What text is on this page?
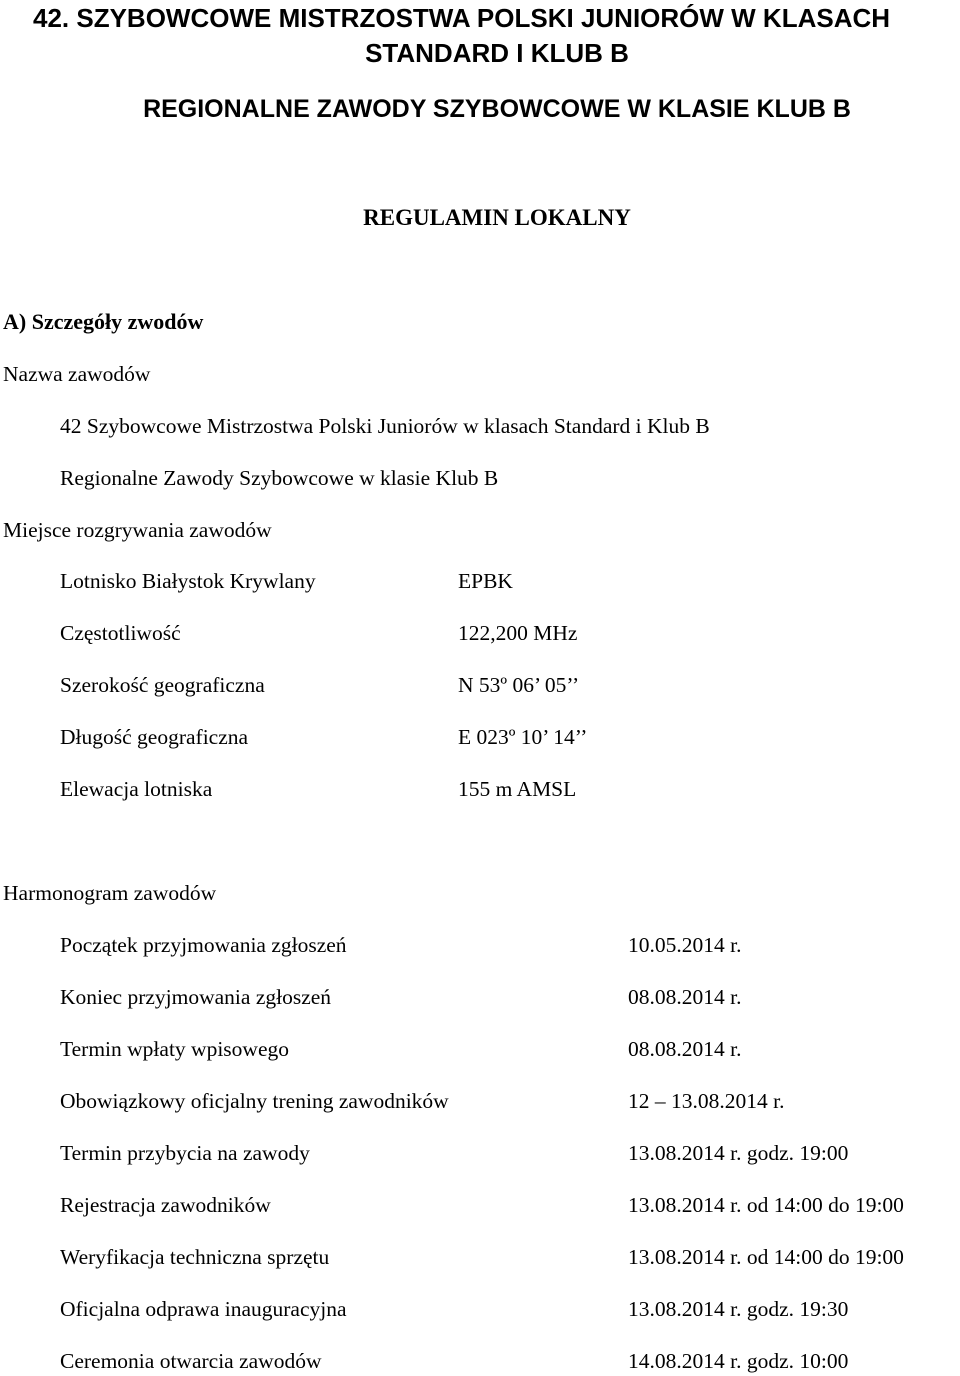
42. SZYBOWCOWE MISTRZOSTWA POLSKI JUNIORÓW W KLASACH
STANDARD I KLUB B
REGIONALNE ZAWODY SZYBOWCOWE W KLASIE KLUB B
REGULAMIN LOKALNY
A) Szczegóły zwodów
Nazwa zawodów
42 Szybowcowe Mistrzostwa Polski Juniorów w klasach Standard i Klub B
Regionalne Zawody Szybowcowe w klasie Klub B
Miejsce rozgrywania zawodów
Lotnisko Białystok Krywlany	EPBK
Częstotliwość	122,200 MHz
Szerokość geograficzna	N 53º 06’ 05’’
Długość geograficzna	E 023º 10’ 14’’
Elewacja lotniska	155 m AMSL
Harmonogram zawodów
Początek przyjmowania zgłoszeń	10.05.2014 r.
Koniec przyjmowania zgłoszeń	08.08.2014 r.
Termin wpłaty wpisowego	08.08.2014 r.
Obowiązkowy oficjalny trening zawodników	12 – 13.08.2014 r.
Termin przybycia na zawody	13.08.2014 r. godz. 19:00
Rejestracja zawodników	13.08.2014 r. od 14:00 do 19:00
Weryfikacja techniczna sprzętu	13.08.2014 r. od 14:00 do 19:00
Oficjalna odprawa inauguracyjna	13.08.2014 r. godz. 19:30
Ceremonia otwarcia zawodów	14.08.2014 r. godz. 10:00
